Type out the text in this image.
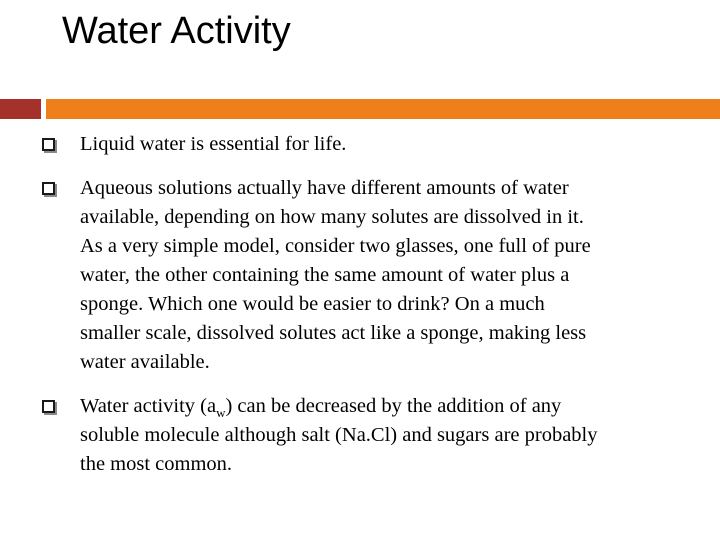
Water Activity
Liquid water is essential for life.
Aqueous solutions actually have different amounts of water
available, depending on how many solutes are dissolved in it.
As a very simple model, consider two glasses, one full of pure
water, the other containing the same amount of water plus a
sponge. Which one would be easier to drink? On a much
smaller scale, dissolved solutes act like a sponge, making less
water available.
Water activity $(a_w)$ can be decreased by the addition of any
soluble molecule although salt (Na.Cl) and sugars are probably
the most common.
